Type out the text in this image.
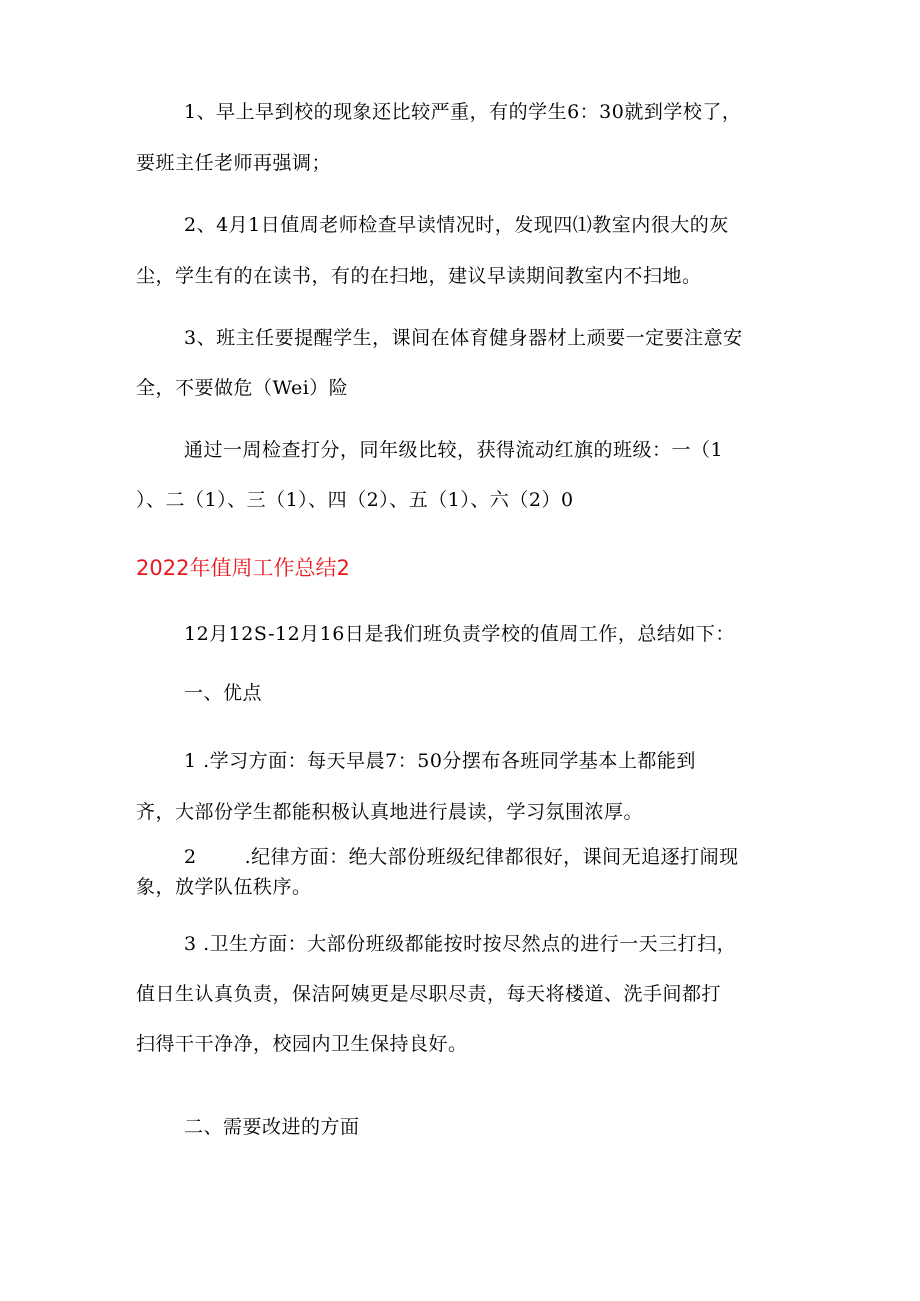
1、早上早到校的现象还比较严重，有的学生6：30就到学校了，
要班主任老师再强调；
2、4月1日值周老师检查早读情况时，发现四⑴教室内很大的灰
尘，学生有的在读书，有的在扫地，建议早读期间教室内不扫地。
3、班主任要提醒学生，课间在体育健身器材上顽要一定要注意安
全，不要做危（Wei）险
通过一周检查打分，同年级比较，获得流动红旗的班级：一（1
）、二（1）、三（1）、四（2）、五（1）、六（2）0
2022年值周工作总结2
12月12S-12月16日是我们班负责学校的值周工作，总结如下：
一、优点
1 .学习方面：每天早晨7：50分摆布各班同学基本上都能到
齐，大部份学生都能积极认真地进行晨读，学习氛围浓厚。
2	.纪律方面：绝大部份班级纪律都很好，课间无追逐打闹现
象，放学队伍秩序。
3 .卫生方面：大部份班级都能按时按尽然点的进行一天三打扫，
值日生认真负责，保洁阿姨更是尽职尽责，每天将楼道、洗手间都打
扫得干干净净，校园内卫生保持良好。
二、需要改进的方面
